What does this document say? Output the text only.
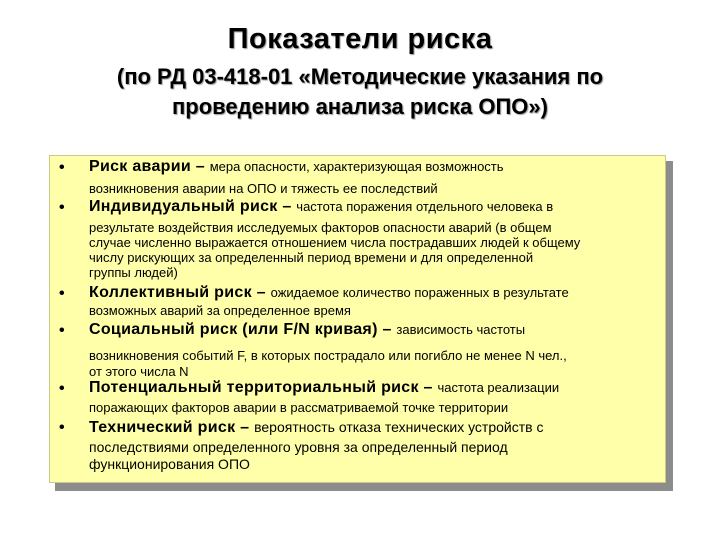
Показатели риска
(по РД 03-418-01 «Методические указания по
проведению анализа риска ОПО»)
• Риск аварии – мера опасности, характеризующая возможность
возникновения аварии на ОПО и тяжесть ее последствий
• Индивидуальный риск – частота поражения отдельного человека в
результате воздействия исследуемых факторов опасности аварий (в общем
случае численно выражается отношением числа пострадавших людей к общему
числу рискующих за определенный период времени и для определенной
группы людей)
• Коллективный риск – ожидаемое количество пораженных в результате
возможных аварий за определенное время
• Социальный риск (или F/N кривая) – зависимость частоты
возникновения событий F, в которых пострадало или погибло не менее N чел.,
от этого числа N
• Потенциальный территориальный риск – частота реализации
поражающих факторов аварии в рассматриваемой точке территории
• Технический риск – вероятность отказа технических устройств с
последствиями определенного уровня за определенный период
функционирования ОПО
